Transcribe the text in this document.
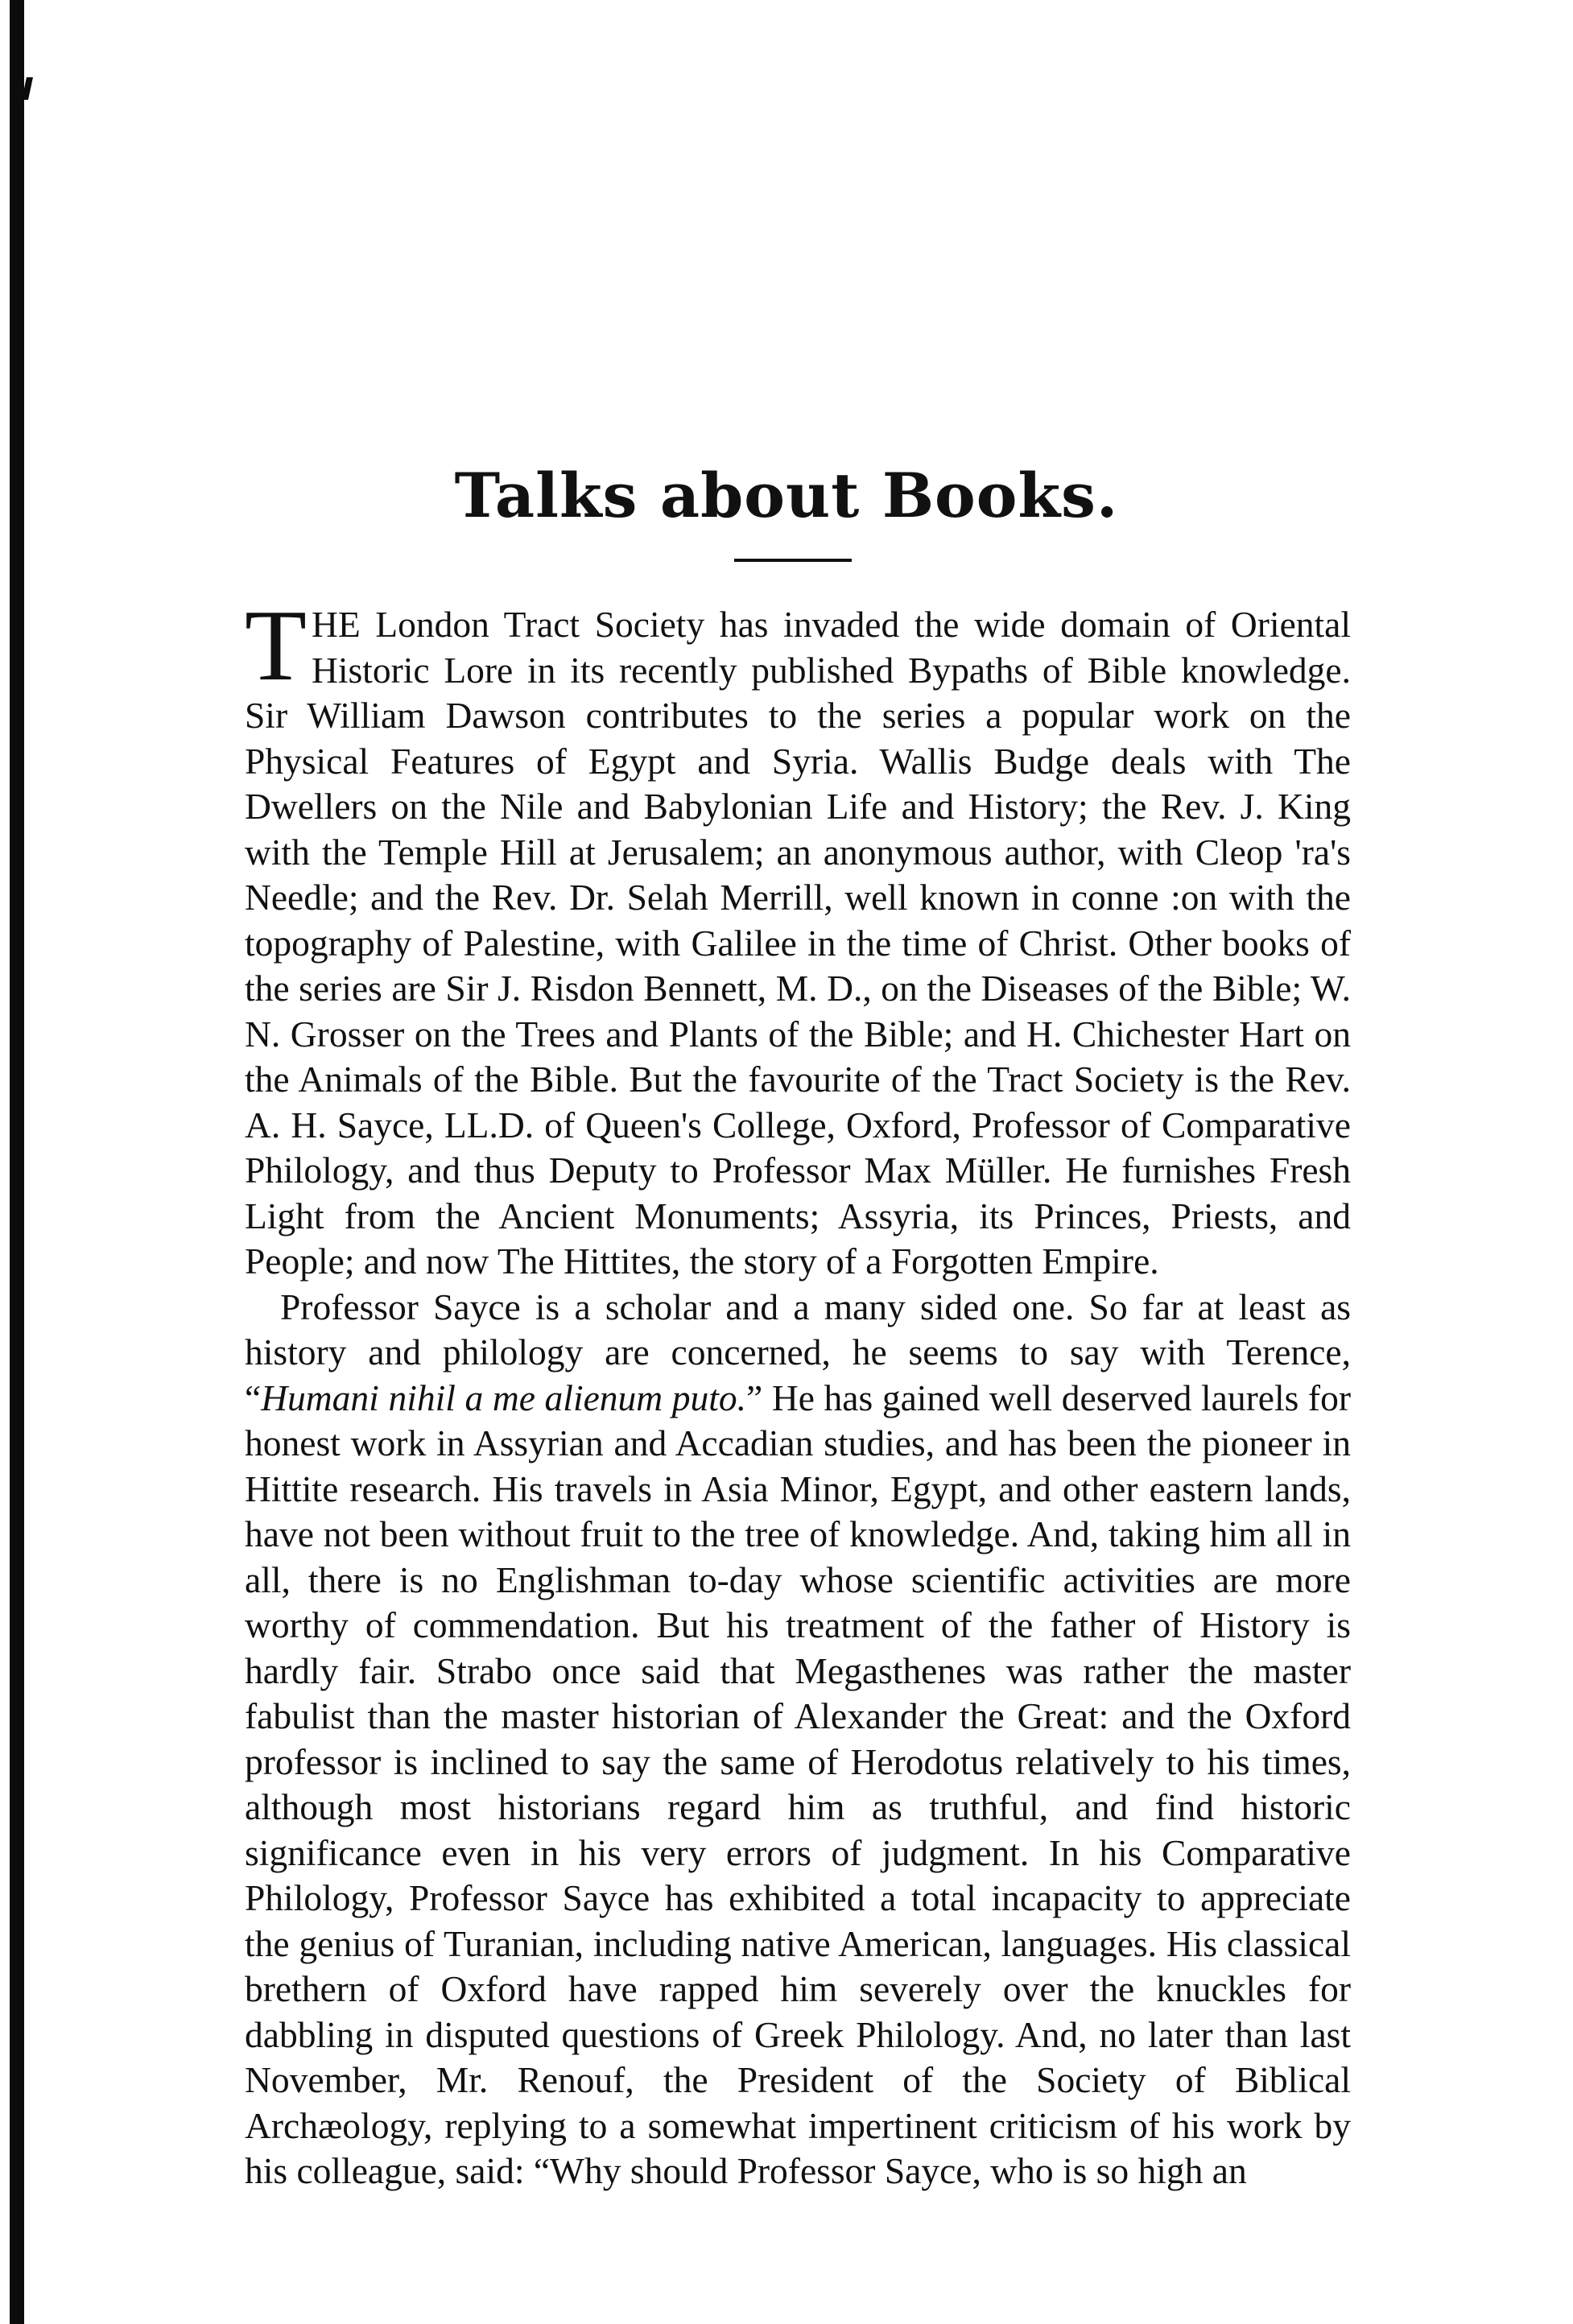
Talks about Books.

THE London Tract Society has invaded the wide domain of Oriental Historic Lore in its recently published Bypaths of Bible knowledge. Sir William Dawson contributes to the series a popular work on the Physical Features of Egypt and Syria. Wallis Budge deals with The Dwellers on the Nile and Babylonian Life and History; the Rev. J. King with the Temple Hill at Jerusalem; an anonymous author, with Cleop 'ra's Needle; and the Rev. Dr. Selah Merrill, well known in conne :on with the topography of Palestine, with Galilee in the time of Christ. Other books of the series are Sir J. Risdon Bennett, M. D., on the Diseases of the Bible; W. N. Grosser on the Trees and Plants of the Bible; and H. Chichester Hart on the Animals of the Bible. But the favourite of the Tract Society is the Rev. A. H. Sayce, LL.D. of Queen's College, Oxford, Professor of Comparative Philology, and thus Deputy to Professor Max Müller. He furnishes Fresh Light from the Ancient Monuments; Assyria, its Princes, Priests, and People; and now The Hittites, the story of a Forgotten Empire.

Professor Sayce is a scholar and a many sided one. So far at least as history and philology are concerned, he seems to say with Terence, “Humani nihil a me alienum puto.” He has gained well deserved laurels for honest work in Assyrian and Accadian studies, and has been the pioneer in Hittite research. His travels in Asia Minor, Egypt, and other eastern lands, have not been without fruit to the tree of knowledge. And, taking him all in all, there is no Englishman to-day whose scientific activities are more worthy of commendation. But his treatment of the father of History is hardly fair. Strabo once said that Megasthenes was rather the master fabulist than the master historian of Alexander the Great: and the Oxford professor is inclined to say the same of Herodotus relatively to his times, although most historians regard him as truthful, and find historic significance even in his very errors of judgment. In his Comparative Philology, Professor Sayce has exhibited a total incapacity to appreciate the genius of Turanian, including native American, languages. His classical brethern of Oxford have rapped him severely over the knuckles for dabbling in disputed questions of Greek Philology. And, no later than last November, Mr. Renouf, the President of the Society of Biblical Archæology, replying to a somewhat impertinent criticism of his work by his colleague, said: “Why should Professor Sayce, who is so high an
